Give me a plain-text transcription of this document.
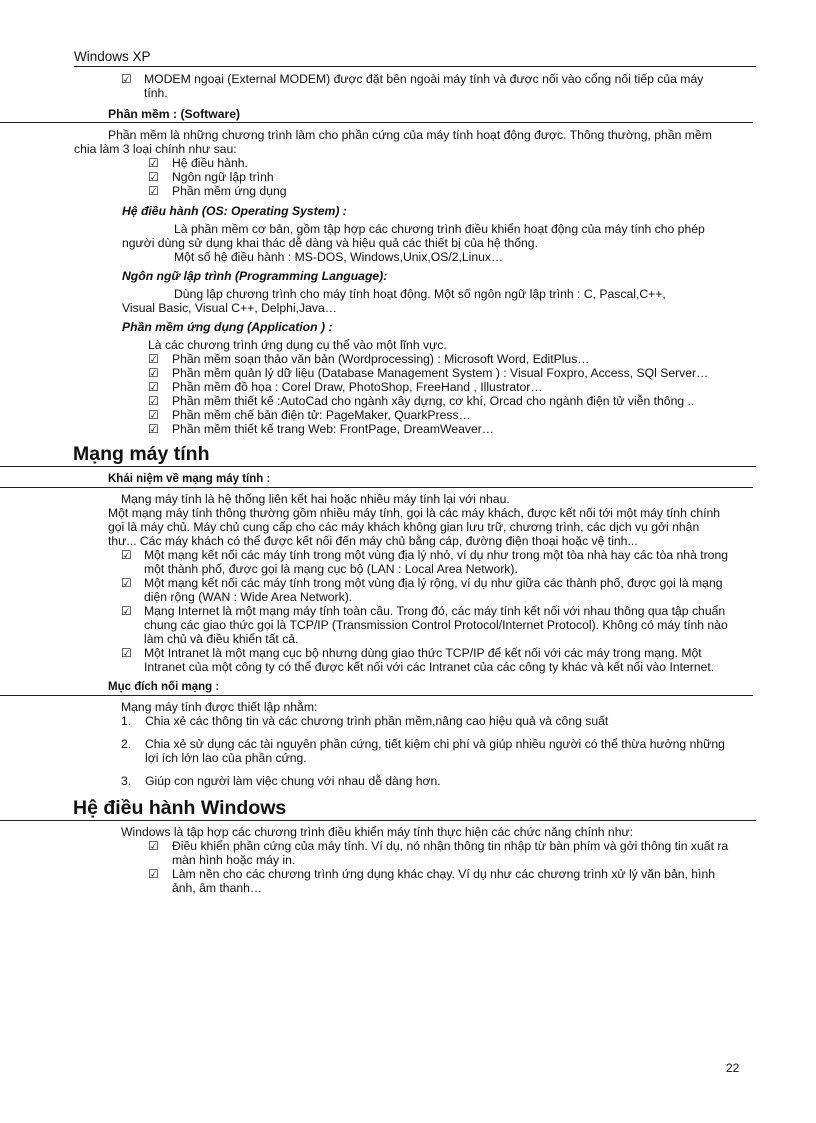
Windows XP
☑ MODEM ngoại (External MODEM) được đặt bên ngoài máy tính và được nối vào cổng nối tiếp của máy tính.
Phần mềm : (Software)
Phần mềm là những chương trình làm cho phần cứng của máy tính hoạt động được. Thông thường, phần mềm chia làm 3 loại chính như sau:
☑ Hệ điều hành.
☑ Ngôn ngữ lập trình
☑ Phần mềm ứng dụng
Hệ điều hành (OS: Operating System) :
Là phần mềm cơ bản, gồm tập hợp các chương trình điều khiển hoạt động của máy tính cho phép người dùng sử dụng khai thác dễ dàng và hiệu quả các thiết bị của hệ thống.
Một số hệ điều hành : MS-DOS, Windows,Unix,OS/2,Linux…
Ngôn ngữ lập trình (Programming Language):
Dùng lập chương trình cho máy tính hoạt động. Một số ngôn ngữ lập trình : C, Pascal,C++, Visual Basic, Visual C++, Delphi,Java…
Phần mềm ứng dụng (Application ) :
Là các chương trình ứng dụng cụ thể vào một lĩnh vực.
☑ Phần mềm soạn thảo văn bản (Wordprocessing) : Microsoft Word, EditPlus…
☑ Phần mềm quản lý dữ liệu (Database Management System ) : Visual Foxpro, Access, SQl Server…
☑ Phần mềm đồ họa : Corel Draw, PhotoShop, FreeHand , Illustrator…
☑ Phần mềm thiết kế :AutoCad cho ngành xây dựng, cơ khí, Orcad cho ngành điện tử viễn thông ..
☑ Phần mềm chế bản điện tử: PageMaker, QuarkPress…
☑ Phần mềm thiết kế trang Web: FrontPage, DreamWeaver…
Mạng máy tính
Khái niệm về mạng máy tính :
Mạng máy tính là hệ thống liên kết hai hoặc nhiều máy tính lại với nhau.
Một mạng máy tính thông thường gồm nhiều máy tính, gọi là các máy khách, được kết nối tới một máy tính chính gọi là máy chủ. Máy chủ cung cấp cho các máy khách không gian lưu trữ, chương trình, các dịch vụ gởi nhận thư... Các máy khách có thể được kết nối đến máy chủ bằng cáp, đường điện thoại hoặc vệ tinh...
☑ Một mạng kết nối các máy tính trong một vùng địa lý nhỏ, ví dụ như trong một tòa nhà hay các tòa nhà trong một thành phố, được gọi là mạng cục bộ (LAN : Local Area Network).
☑ Một mạng kết nối các máy tính trong một vùng địa lý rộng, ví dụ như giữa các thành phố, được gọi là mạng diện rộng (WAN : Wide Area Network).
☑ Mạng Internet là một mạng máy tính toàn cầu. Trong đó, các máy tính kết nối với nhau thông qua tập chuẩn chung các giao thức gọi là TCP/IP (Transmission Control Protocol/Internet Protocol). Không có máy tính nào làm chủ và điều khiển tất cả.
☑ Một Intranet là một mạng cục bộ nhưng dùng giao thức TCP/IP để kết nối với các máy trong mạng. Một Intranet của một công ty có thể được kết nối với các Intranet của các công ty khác và kết nối vào Internet.
Mục đích nối mạng :
Mạng máy tính được thiết lập nhằm:
1. Chia xẻ các thông tin và các chương trình phần mềm,nâng cao hiệu quả và công suất
2. Chia xẻ sử dụng các tài nguyên phần cứng, tiết kiệm chi phí và giúp nhiều người có thể thừa hưởng những lợi ích lớn lao của phần cứng.
3. Giúp con người làm việc chung với nhau dễ dàng hơn.
Hệ điều hành Windows
Windows là tập hợp các chương trình điều khiển máy tính thực hiện các chức năng chính như:
☑ Điều khiển phần cứng của máy tính. Ví dụ, nó nhận thông tin nhập từ bàn phím và gởi thông tin xuất ra màn hình hoặc máy in.
☑ Làm nền cho các chương trình ứng dụng khác chạy. Ví dụ như các chương trình xử lý văn bản, hình ảnh, âm thanh…
22
